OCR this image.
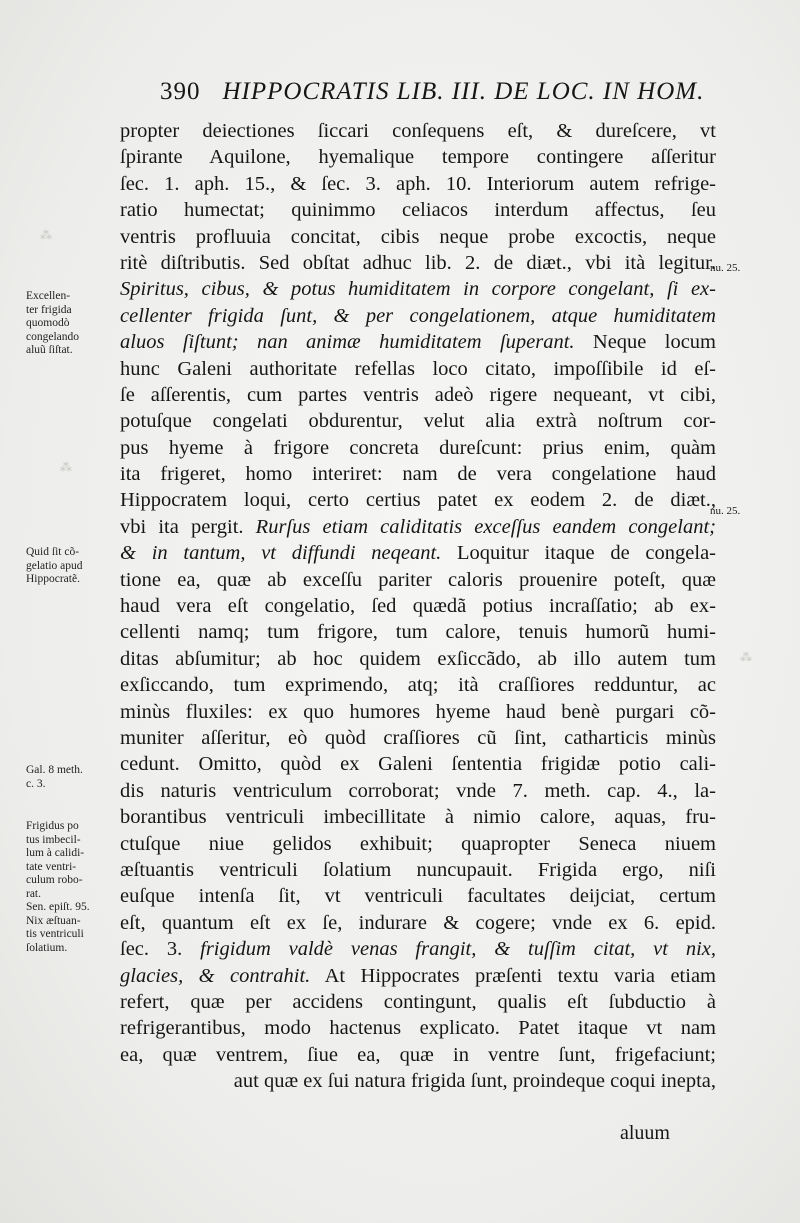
⁂
⁂
⁂
390 HIPPOCRATIS LIB. III. DE LOC. IN HOM.
propter deiectiones ſiccari conſequens eſt, & dureſcere, vt
ſpirante Aquilone, hyemalique tempore contingere aſſeritur
ſec. 1. aph. 15., & ſec. 3. aph. 10. Interiorum autem refrige-
ratio humectat; quinimmo celiacos interdum affectus, ſeu
ventris profluuia concitat, cibis neque probe excoctis, neque
ritè diſtributis. Sed obſtat adhuc lib. 2. de diæt., vbi ità legitur.
Spiritus, cibus, & potus humiditatem in corpore congelant, ſi ex-
cellenter frigida ſunt, & per congelationem, atque humiditatem
aluos ſiſtunt; nan animæ humiditatem ſuperant. Neque locum
hunc Galeni authoritate refellas loco citato, impoſſibile id eſ-
ſe aſſerentis, cum partes ventris adeò rigere nequeant, vt cibi,
potuſque congelati obdurentur, velut alia extrà noſtrum cor-
pus hyeme à frigore concreta dureſcunt: prius enim, quàm
ita frigeret, homo interiret: nam de vera congelatione haud
Hippocratem loqui, certo certius patet ex eodem 2. de diæt.,
vbi ita pergit. Rurſus etiam caliditatis exceſſus eandem congelant;
& in tantum, vt diffundi neqeant. Loquitur itaque de congela-
tione ea, quæ ab exceſſu pariter caloris prouenire poteſt, quæ
haud vera eſt congelatio, ſed quædã potius incraſſatio; ab ex-
cellenti namq; tum frigore, tum calore, tenuis humorũ humi-
ditas abſumitur; ab hoc quidem exſiccãdo, ab illo autem tum
exſiccando, tum exprimendo, atq; ità craſſiores redduntur, ac
minùs fluxiles: ex quo humores hyeme haud benè purgari cõ-
muniter aſſeritur, eò quòd craſſiores cũ ſint, catharticis minùs
cedunt. Omitto, quòd ex Galeni ſententia frigidæ potio cali-
dis naturis ventriculum corroborat; vnde 7. meth. cap. 4., la-
borantibus ventriculi imbecillitate à nimio calore, aquas, fru-
ctuſque niue gelidos exhibuit; quapropter Seneca niuem
æſtuantis ventriculi ſolatium nuncupauit. Frigida ergo, niſi
euſque intenſa ſit, vt ventriculi facultates deijciat, certum
eſt, quantum eſt ex ſe, indurare & cogere; vnde ex 6. epid.
ſec. 3. frigidum valdè venas frangit, & tuſſim citat, vt nix,
glacies, & contrahit. At Hippocrates præſenti textu varia etiam
refert, quæ per accidens contingunt, qualis eſt ſubductio à
refrigerantibus, modo hactenus explicato. Patet itaque vt nam
ea, quæ ventrem, ſiue ea, quæ in ventre ſunt, frigefaciunt;
aut quæ ex ſui natura frigida ſunt, proindeque coqui inepta,
Excellen-
ter frigida
quomodò
congelando
aluũ ſiſtat.
Quid ſit cõ-
gelatio apud
Hippocratẽ.
Gal. 8 meth.
c. 3.
Frigidus po
tus imbecil-
lum à calidi-
tate ventri-
culum robo-
rat.
Sen. epiſt. 95.
Nix æſtuan-
tis ventriculi
ſolatium.
nu. 25.
nu. 25.
aluum
